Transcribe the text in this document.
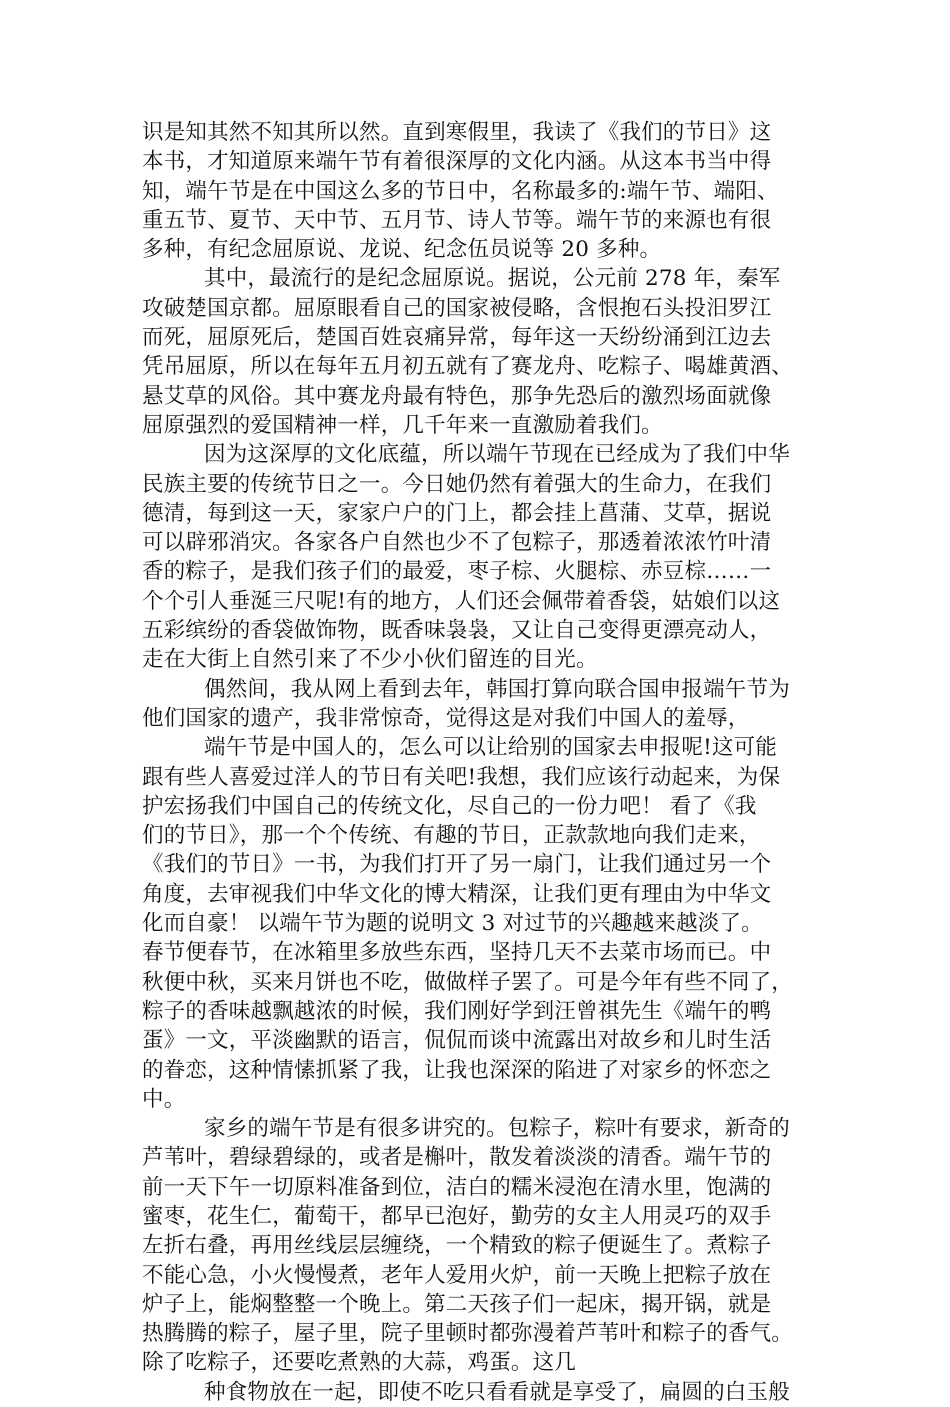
识是知其然不知其所以然。直到寒假里，我读了《我们的节日》这
本书，才知道原来端午节有着很深厚的文化内涵。从这本书当中得
知，端午节是在中国这么多的节日中，名称最多的:端午节、端阳、
重五节、夏节、天中节、五月节、诗人节等。端午节的来源也有很
多种，有纪念屈原说、龙说、纪念伍员说等 20 多种。
其中，最流行的是纪念屈原说。据说，公元前 278 年，秦军
攻破楚国京都。屈原眼看自己的国家被侵略，含恨抱石头投汨罗江
而死，屈原死后，楚国百姓哀痛异常，每年这一天纷纷涌到江边去
凭吊屈原，所以在每年五月初五就有了赛龙舟、吃粽子、喝雄黄酒、
悬艾草的风俗。其中赛龙舟最有特色，那争先恐后的激烈场面就像
屈原强烈的爱国精神一样，几千年来一直激励着我们。
因为这深厚的文化底蕴，所以端午节现在已经成为了我们中华
民族主要的传统节日之一。今日她仍然有着强大的生命力，在我们
德清，每到这一天，家家户户的门上，都会挂上菖蒲、艾草，据说
可以辟邪消灾。各家各户自然也少不了包粽子，那透着浓浓竹叶清
香的粽子，是我们孩子们的最爱，枣子棕、火腿棕、赤豆棕……一
个个引人垂涎三尺呢!有的地方，人们还会佩带着香袋，姑娘们以这
五彩缤纷的香袋做饰物，既香味袅袅，又让自己变得更漂亮动人，
走在大街上自然引来了不少小伙们留连的目光。
偶然间，我从网上看到去年，韩国打算向联合国申报端午节为
他们国家的遗产，我非常惊奇，觉得这是对我们中国人的羞辱，
端午节是中国人的，怎么可以让给别的国家去申报呢!这可能
跟有些人喜爱过洋人的节日有关吧!我想，我们应该行动起来，为保
护宏扬我们中国自己的传统文化，尽自己的一份力吧！ 看了《我
们的节日》，那一个个传统、有趣的节日，正款款地向我们走来，
《我们的节日》一书，为我们打开了另一扇门，让我们通过另一个
角度，去审视我们中华文化的博大精深，让我们更有理由为中华文
化而自豪！ 以端午节为题的说明文 3 对过节的兴趣越来越淡了。
春节便春节，在冰箱里多放些东西，坚持几天不去菜市场而已。中
秋便中秋，买来月饼也不吃，做做样子罢了。可是今年有些不同了，
粽子的香味越飘越浓的时候，我们刚好学到汪曾祺先生《端午的鸭
蛋》一文，平淡幽默的语言，侃侃而谈中流露出对故乡和儿时生活
的眷恋，这种情愫抓紧了我，让我也深深的陷进了对家乡的怀恋之
中。
家乡的端午节是有很多讲究的。包粽子，粽叶有要求，新奇的
芦苇叶，碧绿碧绿的，或者是槲叶，散发着淡淡的清香。端午节的
前一天下午一切原料准备到位，洁白的糯米浸泡在清水里，饱满的
蜜枣，花生仁，葡萄干，都早已泡好，勤劳的女主人用灵巧的双手
左折右叠，再用丝线层层缠绕，一个精致的粽子便诞生了。煮粽子
不能心急，小火慢慢煮，老年人爱用火炉，前一天晚上把粽子放在
炉子上，能焖整整一个晚上。第二天孩子们一起床，揭开锅，就是
热腾腾的粽子，屋子里，院子里顿时都弥漫着芦苇叶和粽子的香气。
除了吃粽子，还要吃煮熟的大蒜，鸡蛋。这几
种食物放在一起，即使不吃只看看就是享受了，扁圆的白玉般
